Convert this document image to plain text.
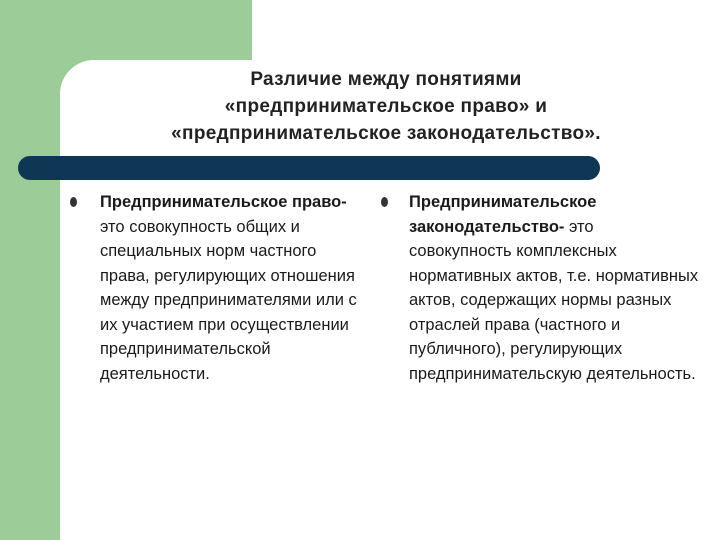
Различие между понятиями
«предпринимательское право» и
«предпринимательское законодательство».
Предпринимательское право- это совокупность общих и специальных норм частного права, регулирующих отношения между предпринимателями или с их участием при осуществлении предпринимательской деятельности.
Предпринимательское законодательство- это совокупность комплексных нормативных актов, т.е. нормативных актов, содержащих нормы разных отраслей права (частного и публичного), регулирующих предпринимательскую деятельность.
